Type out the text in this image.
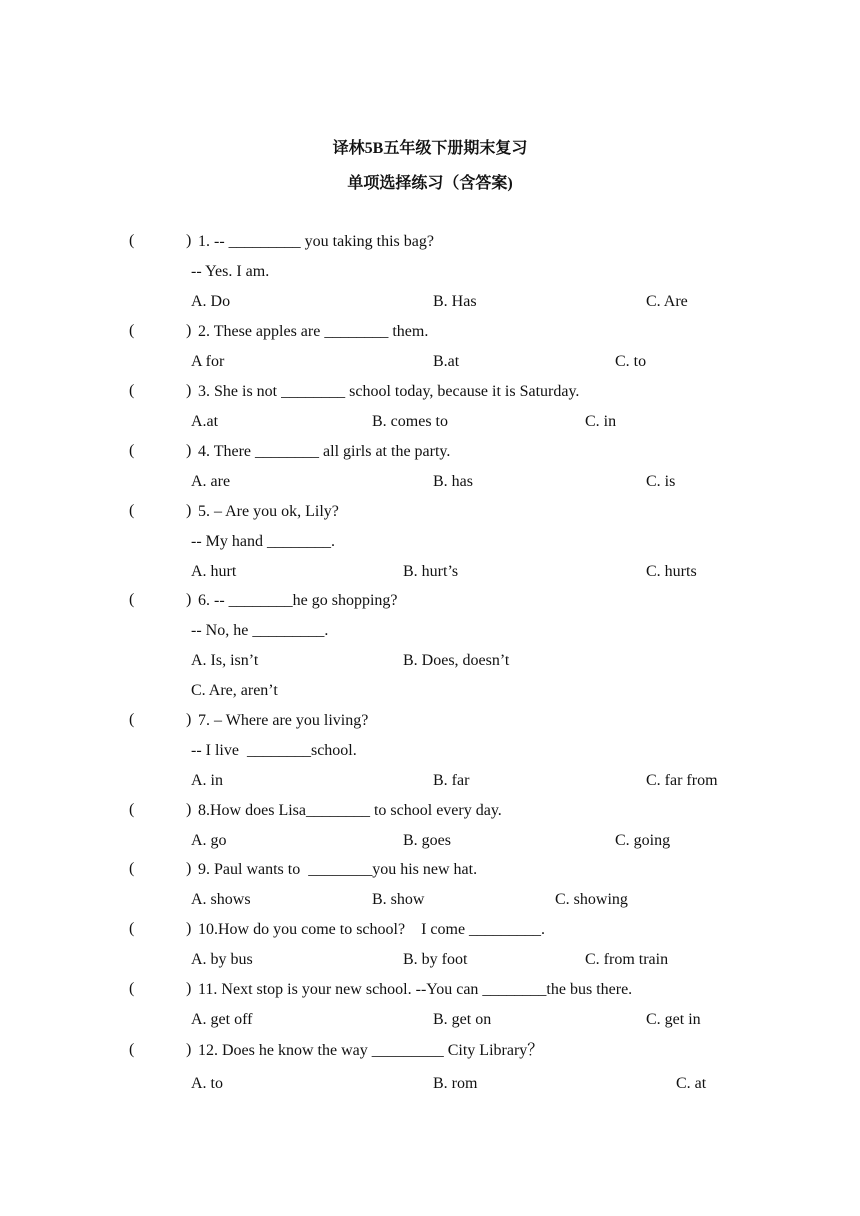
译林5B五年级下册期末复习
单项选择练习（含答案)
(	) 1. -- _________ you taking this bag?
-- Yes. I am.
A. Do	B. Has	C. Are
(	) 2. These apples are ________ them.
A for	B.at	C. to
(	) 3. She is not ________ school today, because it is Saturday.
A.at	B. comes to	C. in
(	) 4. There ________ all girls at the party.
A. are	B. has	C. is
(	) 5. – Are you ok, Lily?
-- My hand ________.
A. hurt	B. hurt’s	C. hurts
(	) 6. -- ________he go shopping?
-- No, he _________.
A. Is, isn’t	B. Does, doesn’t
C. Are, aren’t
(	) 7. – Where are you living?
-- I live  ________school.
A. in	B. far	C. far from
(	) 8.How does Lisa________ to school every day.
A. go	B. goes	C. going
(	) 9. Paul wants to  ________you his new hat.
A. shows	B. show	C. showing
(	) 10.How do you come to school?    I come _________.
A. by bus	B. by foot	C. from train
(	) 11. Next stop is your new school. --You can ________the bus there.
A. get off	B. get on	C. get in
(	) 12. Does he know the way _________ City Library？
A. to	B. rom	C. at
